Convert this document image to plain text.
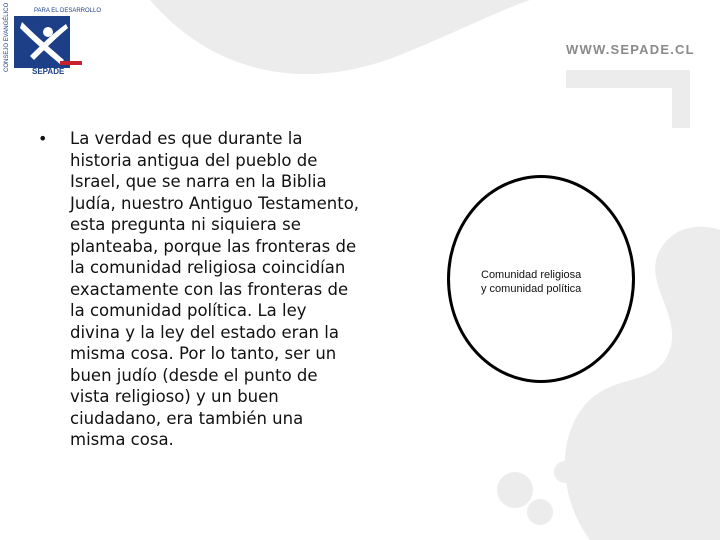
CONSEJO EVANGÉLICO	PARA EL DESARROLLO
SEPADE
WWW.SEPADE.CL
• La verdad es que durante la historia antigua del pueblo de Israel, que se narra en la Biblia Judía, nuestro Antiguo Testamento, esta pregunta ni siquiera se planteaba, porque las fronteras de la comunidad religiosa coincidían exactamente con las fronteras de la comunidad política. La ley divina y la ley del estado eran la misma cosa. Por lo tanto, ser un buen judío (desde el punto de vista religioso) y un buen ciudadano, era también una misma cosa.
Comunidad religiosa
y comunidad política
